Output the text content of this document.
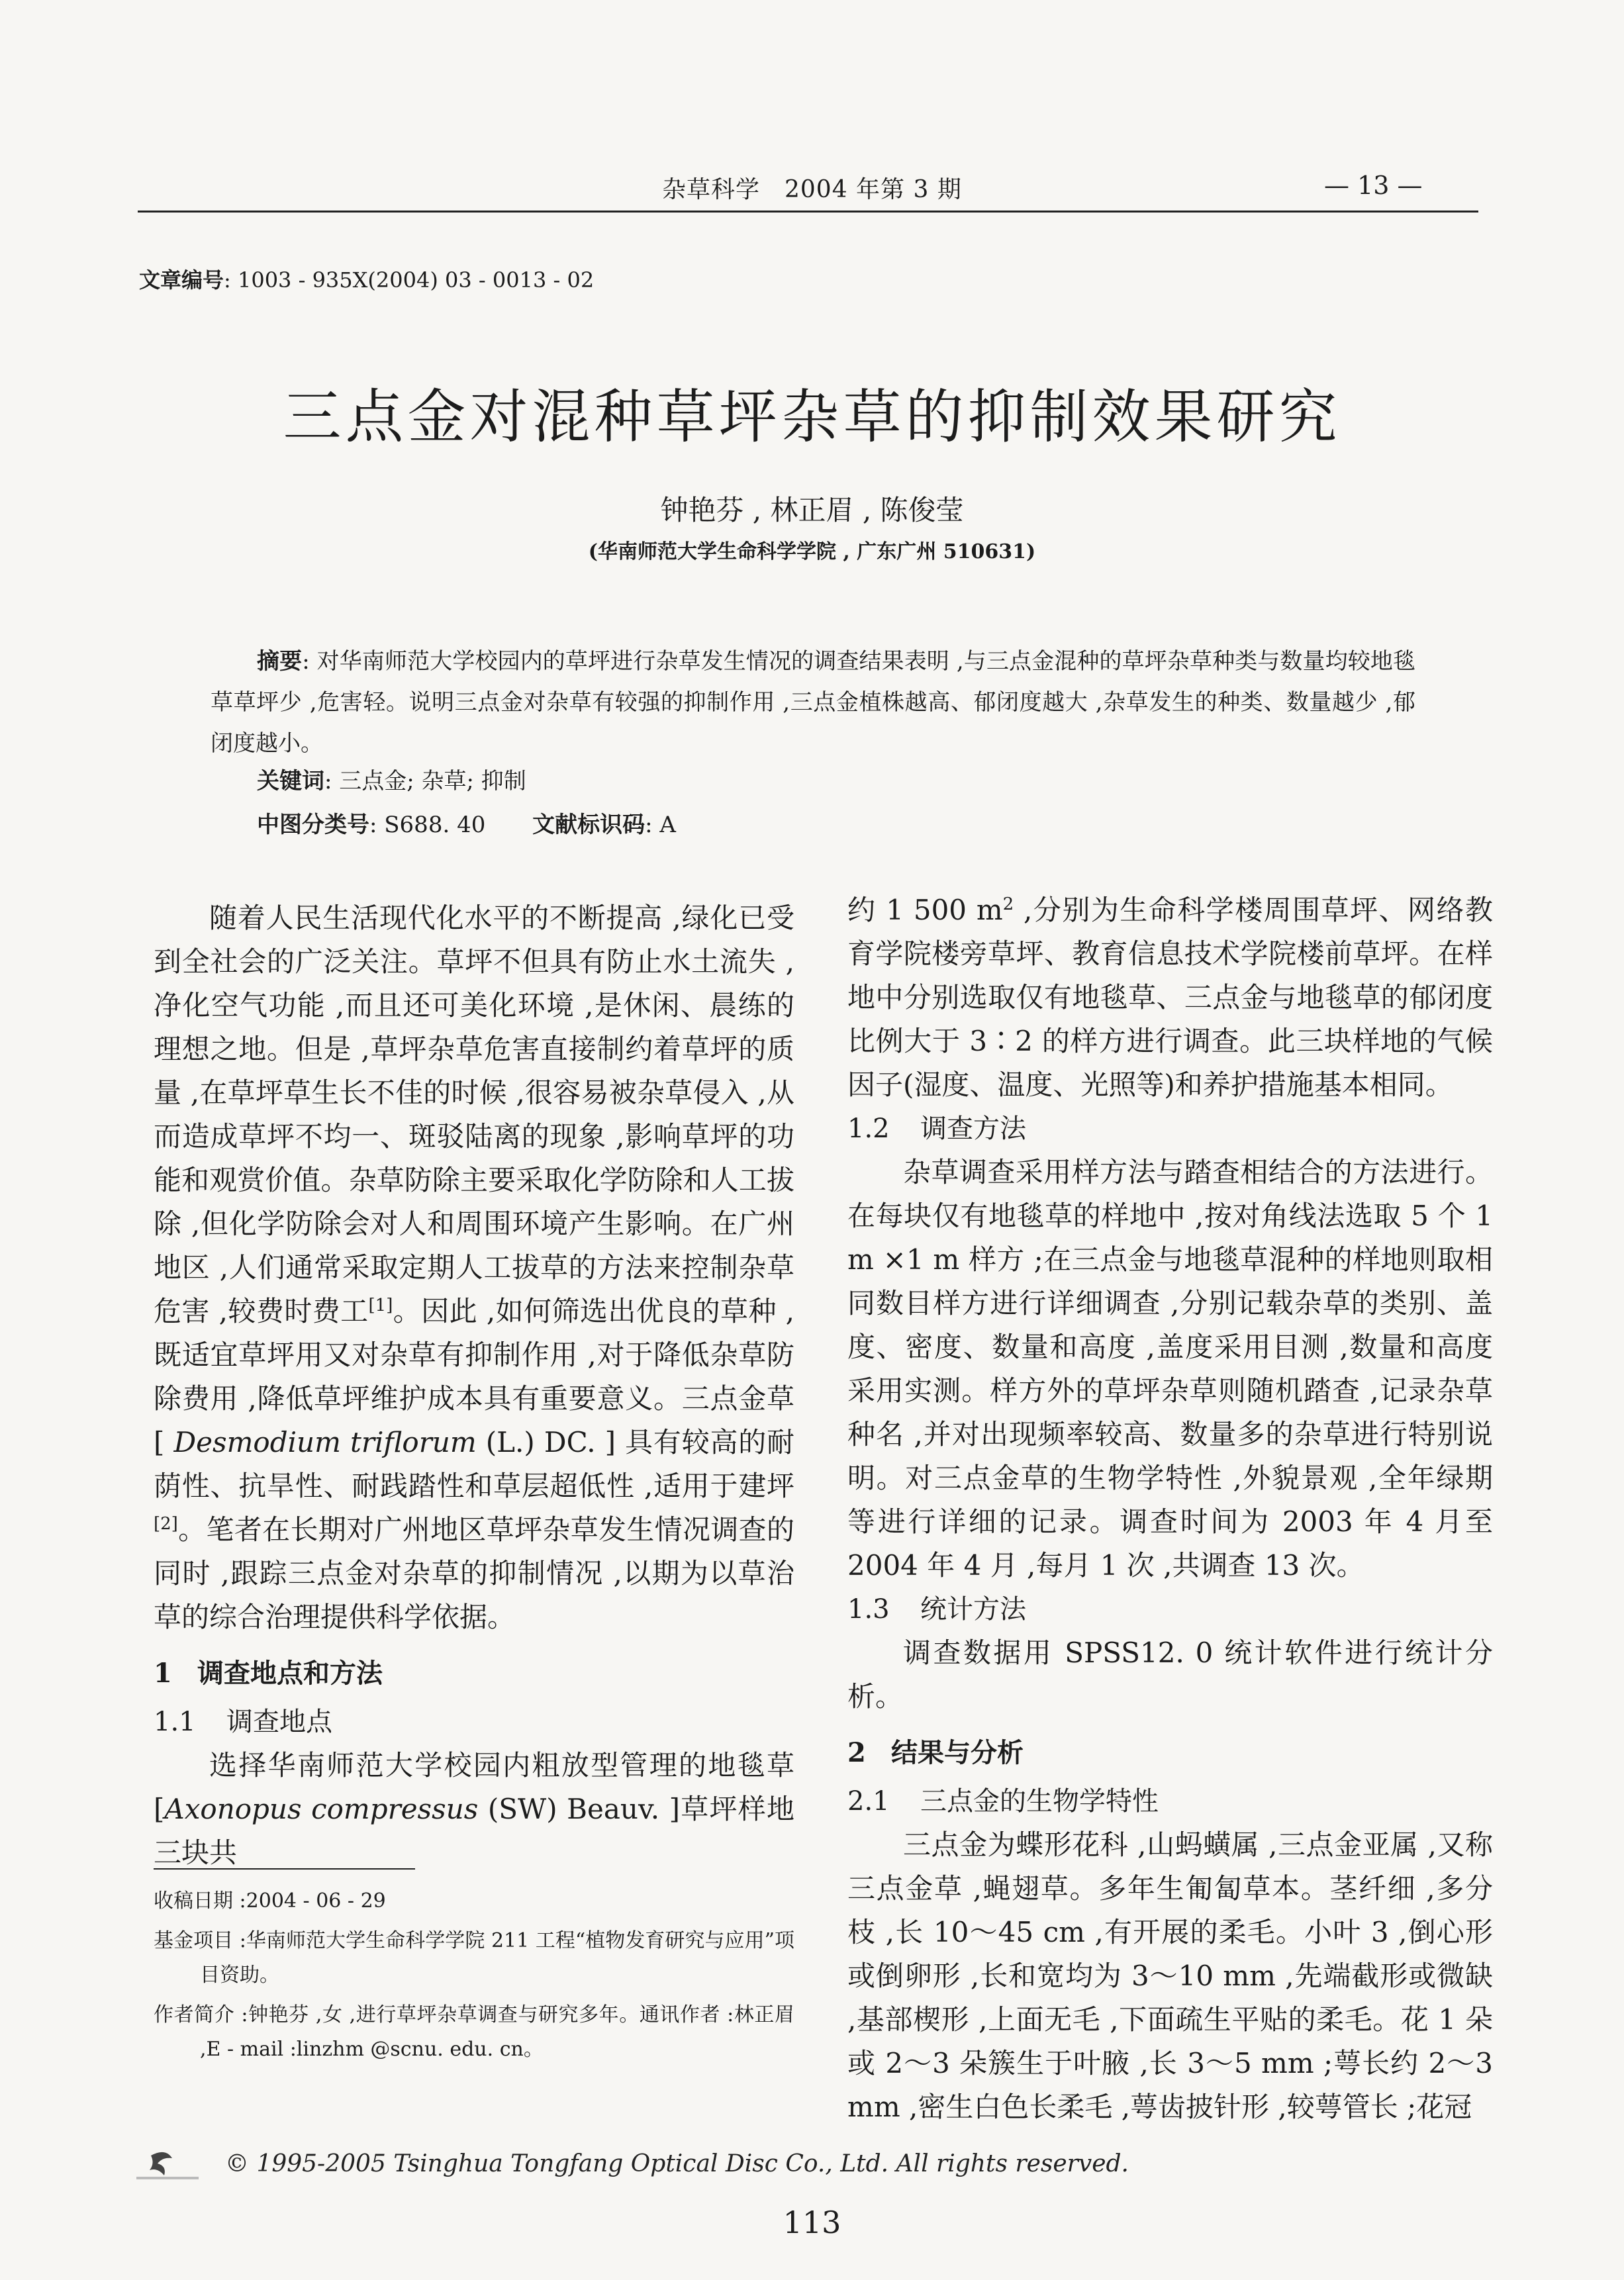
杂草科学　2004 年第 3 期	— 13 —
文章编号: 1003 - 935X(2004) 03 - 0013 - 02
三点金对混种草坪杂草的抑制效果研究
钟艳芬 , 林正眉 , 陈俊莹
(华南师范大学生命科学学院 , 广东广州 510631)
摘要: 对华南师范大学校园内的草坪进行杂草发生情况的调查结果表明 ,与三点金混种的草坪杂草种类与数量均较地毯草草坪少 ,危害轻。说明三点金对杂草有较强的抑制作用 ,三点金植株越高、郁闭度越大 ,杂草发生的种类、数量越少 ,郁闭度越小。
关键词: 三点金; 杂草; 抑制
中图分类号: S688. 40 文献标识码: A

随着人民生活现代化水平的不断提高 ,绿化已受到全社会的广泛关注。草坪不但具有防止水土流失 ,净化空气功能 ,而且还可美化环境 ,是休闲、晨练的理想之地。但是 ,草坪杂草危害直接制约着草坪的质量 ,在草坪草生长不佳的时候 ,很容易被杂草侵入 ,从而造成草坪不均一、斑驳陆离的现象 ,影响草坪的功能和观赏价值。杂草防除主要采取化学防除和人工拔除 ,但化学防除会对人和周围环境产生影响。在广州地区 ,人们通常采取定期人工拔草的方法来控制杂草危害 ,较费时费工[1]。因此 ,如何筛选出优良的草种 ,既适宜草坪用又对杂草有抑制作用 ,对于降低杂草防除费用 ,降低草坪维护成本具有重要意义。三点金草 [ Desmodium triflorum (L.) DC. ] 具有较高的耐荫性、抗旱性、耐践踏性和草层超低性 ,适用于建坪[2]。笔者在长期对广州地区草坪杂草发生情况调查的同时 ,跟踪三点金对杂草的抑制情况 ,以期为以草治草的综合治理提供科学依据。

1 调查地点和方法

1.1 调查地点

选择华南师范大学校园内粗放型管理的地毯草 [Axonopus compressus (SW) Beauv. ]草坪样地三块共

收稿日期 :2004 - 06 - 29

基金项目 :华南师范大学生命科学学院 211 工程“植物发育研究与应用”项目资助。

作者简介 :钟艳芬 ,女 ,进行草坪杂草调查与研究多年。通讯作者 :林正眉 ,E - mail :linzhm @scnu. edu. cn。

约 1 500 $m^2$ ,分别为生命科学楼周围草坪、网络教育学院楼旁草坪、教育信息技术学院楼前草坪。在样地中分别选取仅有地毯草、三点金与地毯草的郁闭度比例大于 3∶2 的样方进行调查。此三块样地的气候因子(湿度、温度、光照等)和养护措施基本相同。

1.2 调查方法

杂草调查采用样方法与踏查相结合的方法进行。在每块仅有地毯草的样地中 ,按对角线法选取 5 个 1 m ×1 m 样方 ;在三点金与地毯草混种的样地则取相同数目样方进行详细调查 ,分别记载杂草的类别、盖度、密度、数量和高度 ,盖度采用目测 ,数量和高度采用实测。样方外的草坪杂草则随机踏查 ,记录杂草种名 ,并对出现频率较高、数量多的杂草进行特别说明。对三点金草的生物学特性 ,外貌景观 ,全年绿期等进行详细的记录。调查时间为 2003 年 4 月至 2004 年 4 月 ,每月 1 次 ,共调查 13 次。

1.3 统计方法

调查数据用 SPSS12. 0 统计软件进行统计分析。

2 结果与分析

2.1 三点金的生物学特性

三点金为蝶形花科 ,山蚂蟥属 ,三点金亚属 ,又称三点金草 ,蝇翅草。多年生匍匐草本。茎纤细 ,多分枝 ,长 10～45 cm ,有开展的柔毛。小叶 3 ,倒心形或倒卵形 ,长和宽均为 3～10 mm ,先端截形或微缺 ,基部楔形 ,上面无毛 ,下面疏生平贴的柔毛。花 1 朵或 2～3 朵簇生于叶腋 ,长 3～5 mm ;萼长约 2～3 mm ,密生白色长柔毛 ,萼齿披针形 ,较萼管长 ;花冠

© 1995-2005 Tsinghua Tongfang Optical Disc Co., Ltd. All rights reserved.
113
